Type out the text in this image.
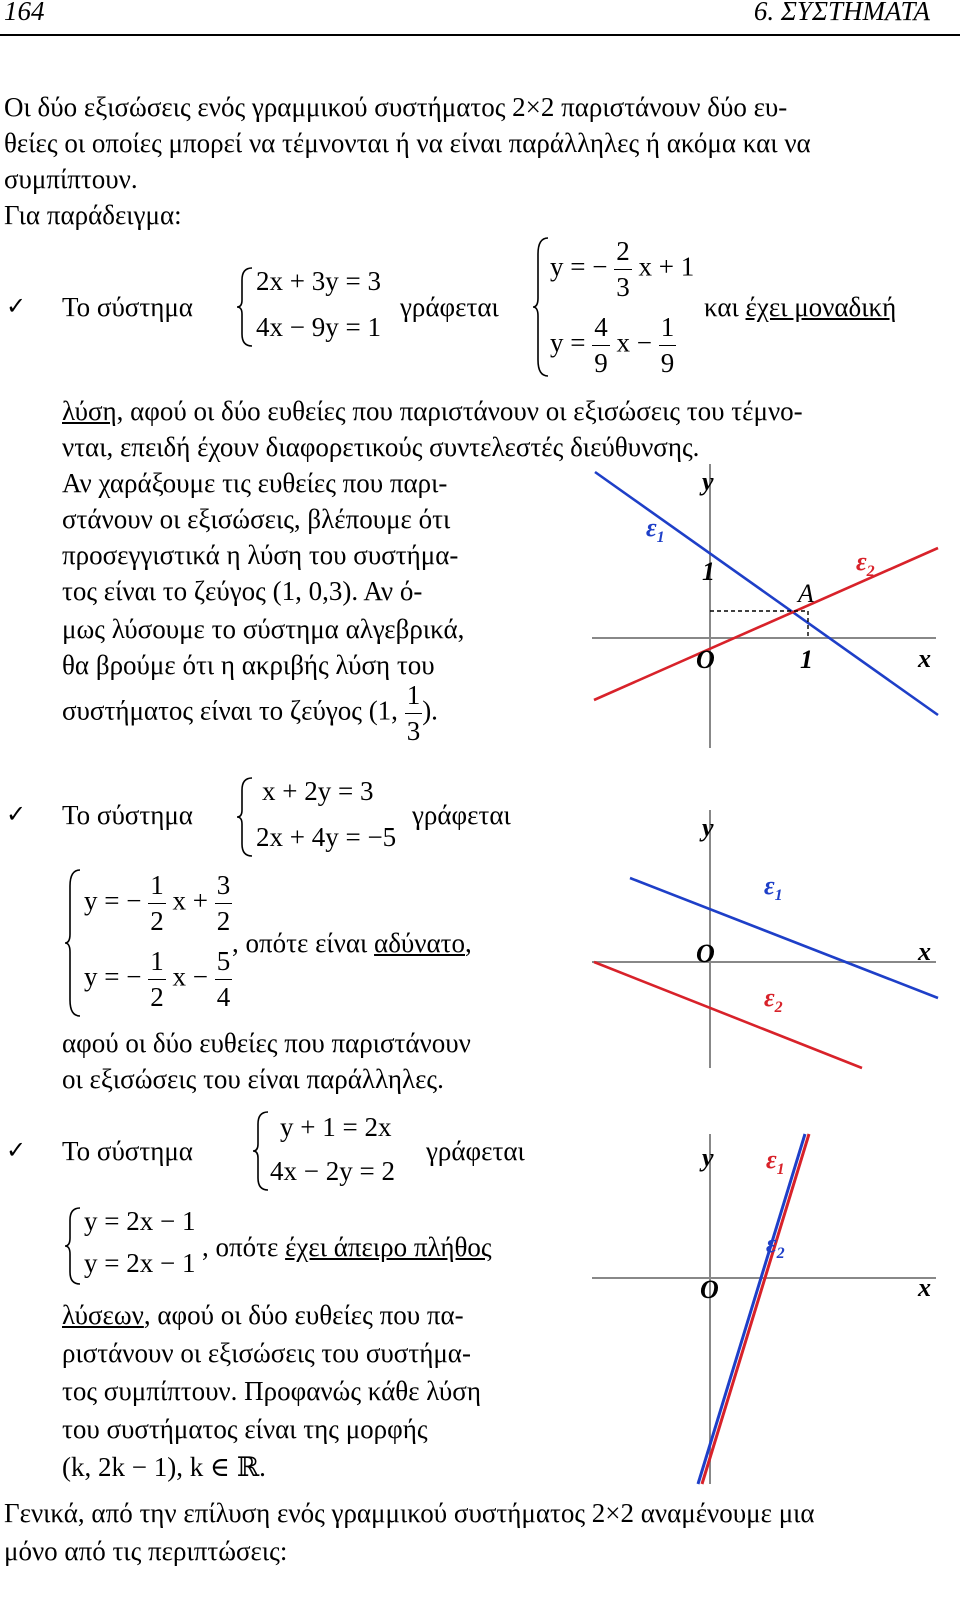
164	6. ΣΥΣΤΗΜΑΤΑ
Οι δύο εξισώσεις ενός γραμμικού συστήματος 2×2 παριστάνουν δύο ευ-
θείες οι οποίες μπορεί να τέμνονται ή να είναι παράλληλες ή ακόμα και να
συμπίπτουν.
Για παράδειγμα:
✓ Το σύστημα
2x + 3y = 3
4x − 9y = 1
γράφεται
y = − $\frac{2}{3}$ x + 1
$y = \frac{4}{9}$ $x - \frac{1}{9}$
και έχει μοναδική
λύση, αφού οι δύο ευθείες που παριστάνουν οι εξισώσεις του τέμνο-
νται, επειδή έχουν διαφορετικούς συντελεστές διεύθυνσης.
Αν χαράξουμε τις ευθείες που παρι-
στάνουν οι εξισώσεις, βλέπουμε ότι
προσεγγιστικά η λύση του συστήμα-
τος είναι το ζεύγος (1, 0,3). Αν ό-
μως λύσουμε το σύστημα αλγεβρικά,
θα βρούμε ότι η ακριβής λύση του
συστήματος είναι το ζεύγος (1, $\frac{1}{3}$ ).
y
x
O
1
1
A
$\varepsilon_1$
$\varepsilon_2$
✓ Το σύστημα
x + 2y = 3
2x + 4y = −5
γράφεται
y = − $\frac{1}{2}$ $x + \frac{3}{2}$
y = − $\frac{1}{2}$ $x - \frac{5}{4}$
, οπότε είναι αδύνατο,
αφού οι δύο ευθείες που παριστάνουν
οι εξισώσεις του είναι παράλληλες.
y
x
O
$\varepsilon_1$
$\varepsilon_2$
✓ Το σύστημα
y + 1 = 2x
4x − 2y = 2
γράφεται
y = 2x − 1
y = 2x − 1
, οπότε έχει άπειρο πλήθος
λύσεων, αφού οι δύο ευθείες που πα-
ριστάνουν οι εξισώσεις του συστήμα-
τος συμπίπτουν. Προφανώς κάθε λύση
του συστήματος είναι της μορφής
(k, 2k − 1), k ∈ ℝ.
y
x
O
$\varepsilon_1$
$\varepsilon_2$
Γενικά, από την επίλυση ενός γραμμικού συστήματος 2×2 αναμένουμε μια
μόνο από τις περιπτώσεις:
